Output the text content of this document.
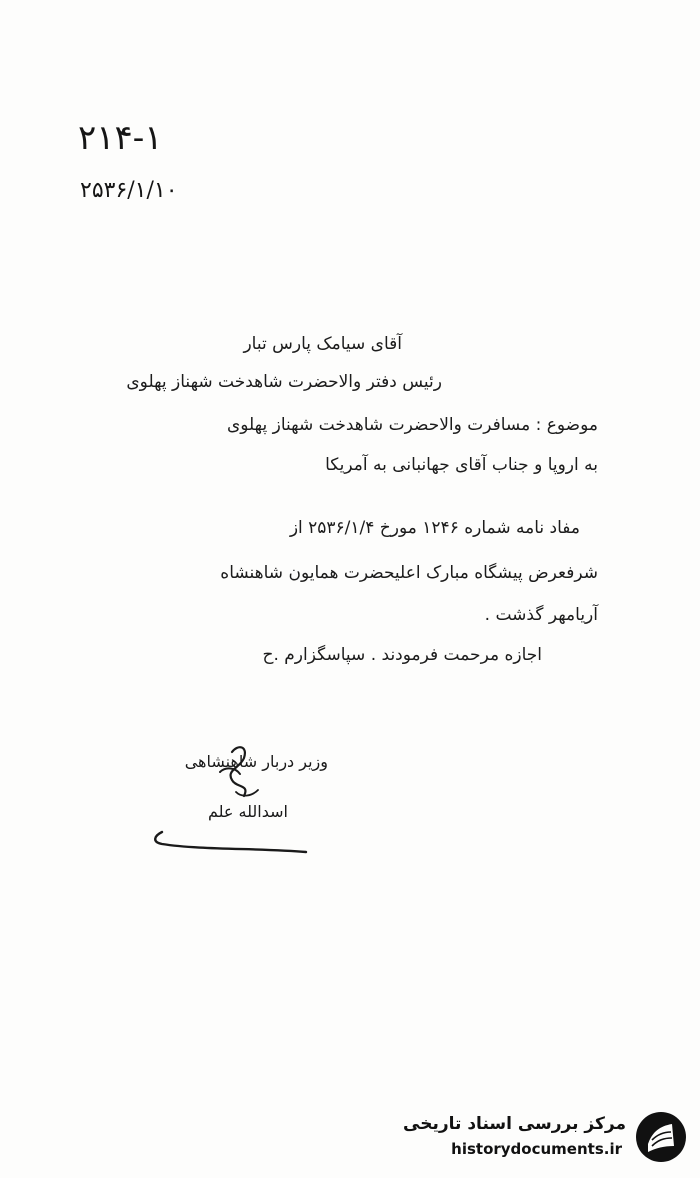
۲۱۴-۱
۲۵۳۶/۱/۱۰
آقای سیامک پارس تبار
رئیس دفتر والاحضرت شاهدخت شهناز پهلوی
موضوع : مسافرت والاحضرت شاهدخت شهناز پهلوی
به اروپا و جناب آقای جهانبانی به آمریکا
مفاد نامه شماره ۱۲۴۶ مورخ ۲۵۳۶/۱/۴ از
شرفعرض پیشگاه مبارک اعلیحضرت همایون شاهنشاه
آریامهر گذشت .
اجازه مرحمت فرمودند . سپاسگزارم .ح
وزیر دربار شاهنشاهی
اسدالله علم
مرکز بررسی اسناد تاریخی
historydocuments.ir
